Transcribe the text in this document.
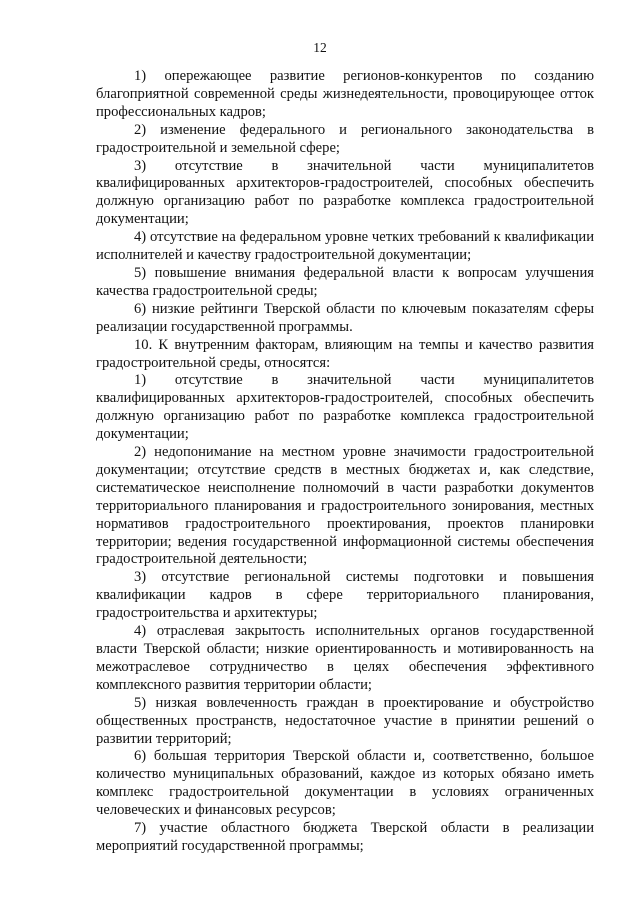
12

1) опережающее развитие регионов-конкурентов по созданию благоприятной современной среды жизнедеятельности, провоцирующее отток профессиональных кадров;

2) изменение федерального и регионального законодательства в градостроительной и земельной сфере;

3) отсутствие в значительной части муниципалитетов квалифицированных архитекторов-градостроителей, способных обеспечить должную организацию работ по разработке комплекса градостроительной документации;

4) отсутствие на федеральном уровне четких требований к квалификации исполнителей и качеству градостроительной документации;

5) повышение внимания федеральной власти к вопросам улучшения качества градостроительной среды;

6) низкие рейтинги Тверской области по ключевым показателям сферы реализации государственной программы.

10. К внутренним факторам, влияющим на темпы и качество развития градостроительной среды, относятся:

1) отсутствие в значительной части муниципалитетов квалифицированных архитекторов-градостроителей, способных обеспечить должную организацию работ по разработке комплекса градостроительной документации;

2) недопонимание на местном уровне значимости градостроительной документации; отсутствие средств в местных бюджетах и, как следствие, систематическое неисполнение полномочий в части разработки документов территориального планирования и градостроительного зонирования, местных нормативов градостроительного проектирования, проектов планировки территории; ведения государственной информационной системы обеспечения градостроительной деятельности;

3) отсутствие региональной системы подготовки и повышения квалификации кадров в сфере территориального планирования, градостроительства и архитектуры;

4) отраслевая закрытость исполнительных органов государственной власти Тверской области; низкие ориентированность и мотивированность на межотраслевое сотрудничество в целях обеспечения эффективного комплексного развития территории области;

5) низкая вовлеченность граждан в проектирование и обустройство общественных пространств, недостаточное участие в принятии решений о развитии территорий;

6) большая территория Тверской области и, соответственно, большое количество муниципальных образований, каждое из которых обязано иметь комплекс градостроительной документации в условиях ограниченных человеческих и финансовых ресурсов;

7) участие областного бюджета Тверской области в реализации мероприятий государственной программы;
